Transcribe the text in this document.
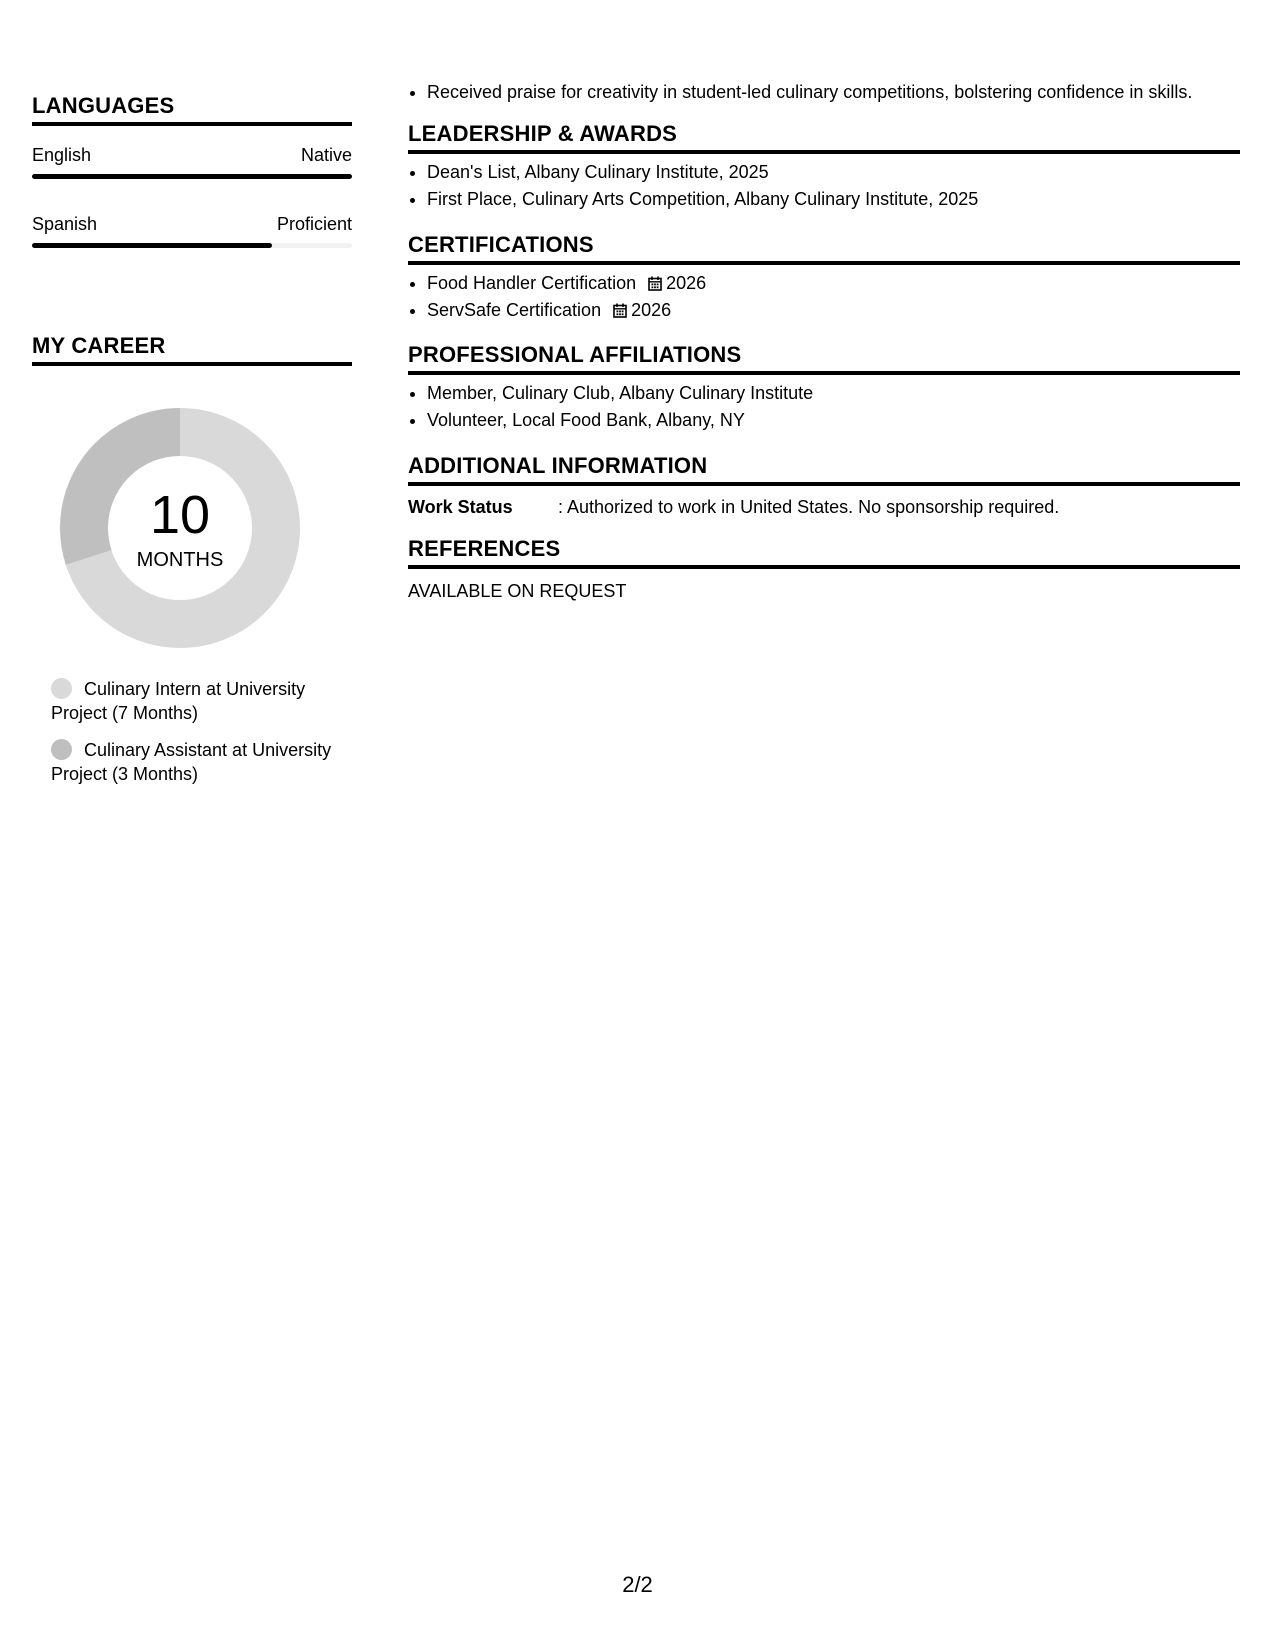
LANGUAGES
English	Native
Spanish	Proficient
MY CAREER
10
MONTHS
Culinary Intern at University Project (7 Months)
Culinary Assistant at University Project (3 Months)
• Received praise for creativity in student-led culinary competitions, bolstering confidence in skills.
LEADERSHIP & AWARDS
• Dean's List, Albany Culinary Institute, 2025
• First Place, Culinary Arts Competition, Albany Culinary Institute, 2025
CERTIFICATIONS
• Food Handler Certification 2026
• ServSafe Certification 2026
PROFESSIONAL AFFILIATIONS
• Member, Culinary Club, Albany Culinary Institute
• Volunteer, Local Food Bank, Albany, NY
ADDITIONAL INFORMATION
Work Status	: Authorized to work in United States. No sponsorship required.
REFERENCES
AVAILABLE ON REQUEST
2/2
